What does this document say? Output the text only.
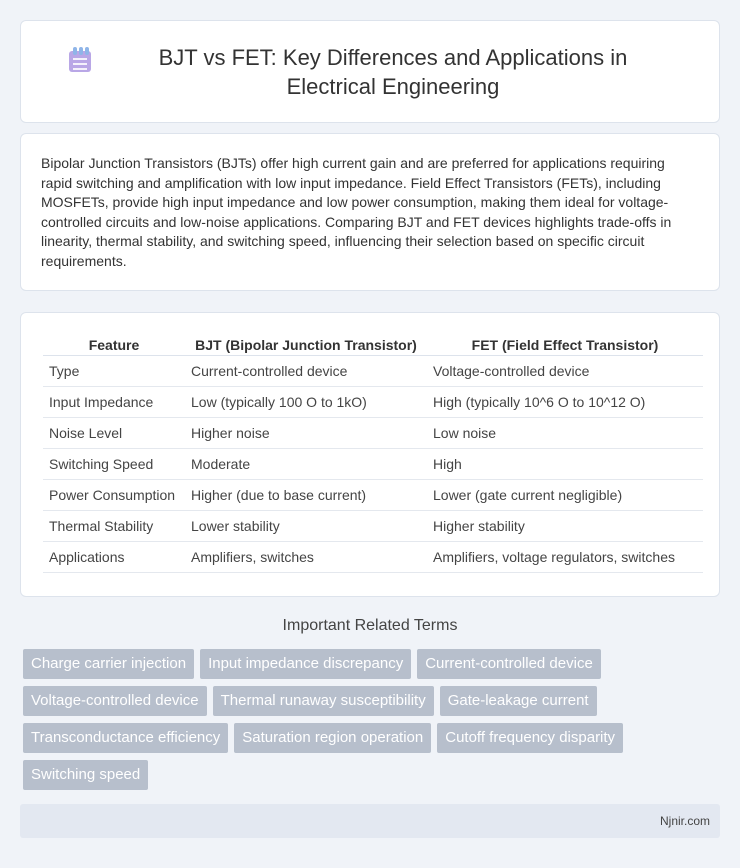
BJT vs FET: Key Differences and Applications in Electrical Engineering

Bipolar Junction Transistors (BJTs) offer high current gain and are preferred for applications requiring rapid switching and amplification with low input impedance. Field Effect Transistors (FETs), including MOSFETs, provide high input impedance and low power consumption, making them ideal for voltage-controlled circuits and low-noise applications. Comparing BJT and FET devices highlights trade-offs in linearity, thermal stability, and switching speed, influencing their selection based on specific circuit requirements.

Feature	BJT (Bipolar Junction Transistor)	FET (Field Effect Transistor)
Type	Current-controlled device	Voltage-controlled device
Input Impedance	Low (typically 100 O to 1kO)	High (typically 10^6 O to 10^12 O)
Noise Level	Higher noise	Low noise
Switching Speed	Moderate	High
Power Consumption	Higher (due to base current)	Lower (gate current negligible)
Thermal Stability	Lower stability	Higher stability
Applications	Amplifiers, switches	Amplifiers, voltage regulators, switches
Important Related Terms
Charge carrier injection	Input impedance discrepancy	Current-controlled device
Voltage-controlled device	Thermal runaway susceptibility	Gate-leakage current
Transconductance efficiency	Saturation region operation	Cutoff frequency disparity
Switching speed
Njnir.com
